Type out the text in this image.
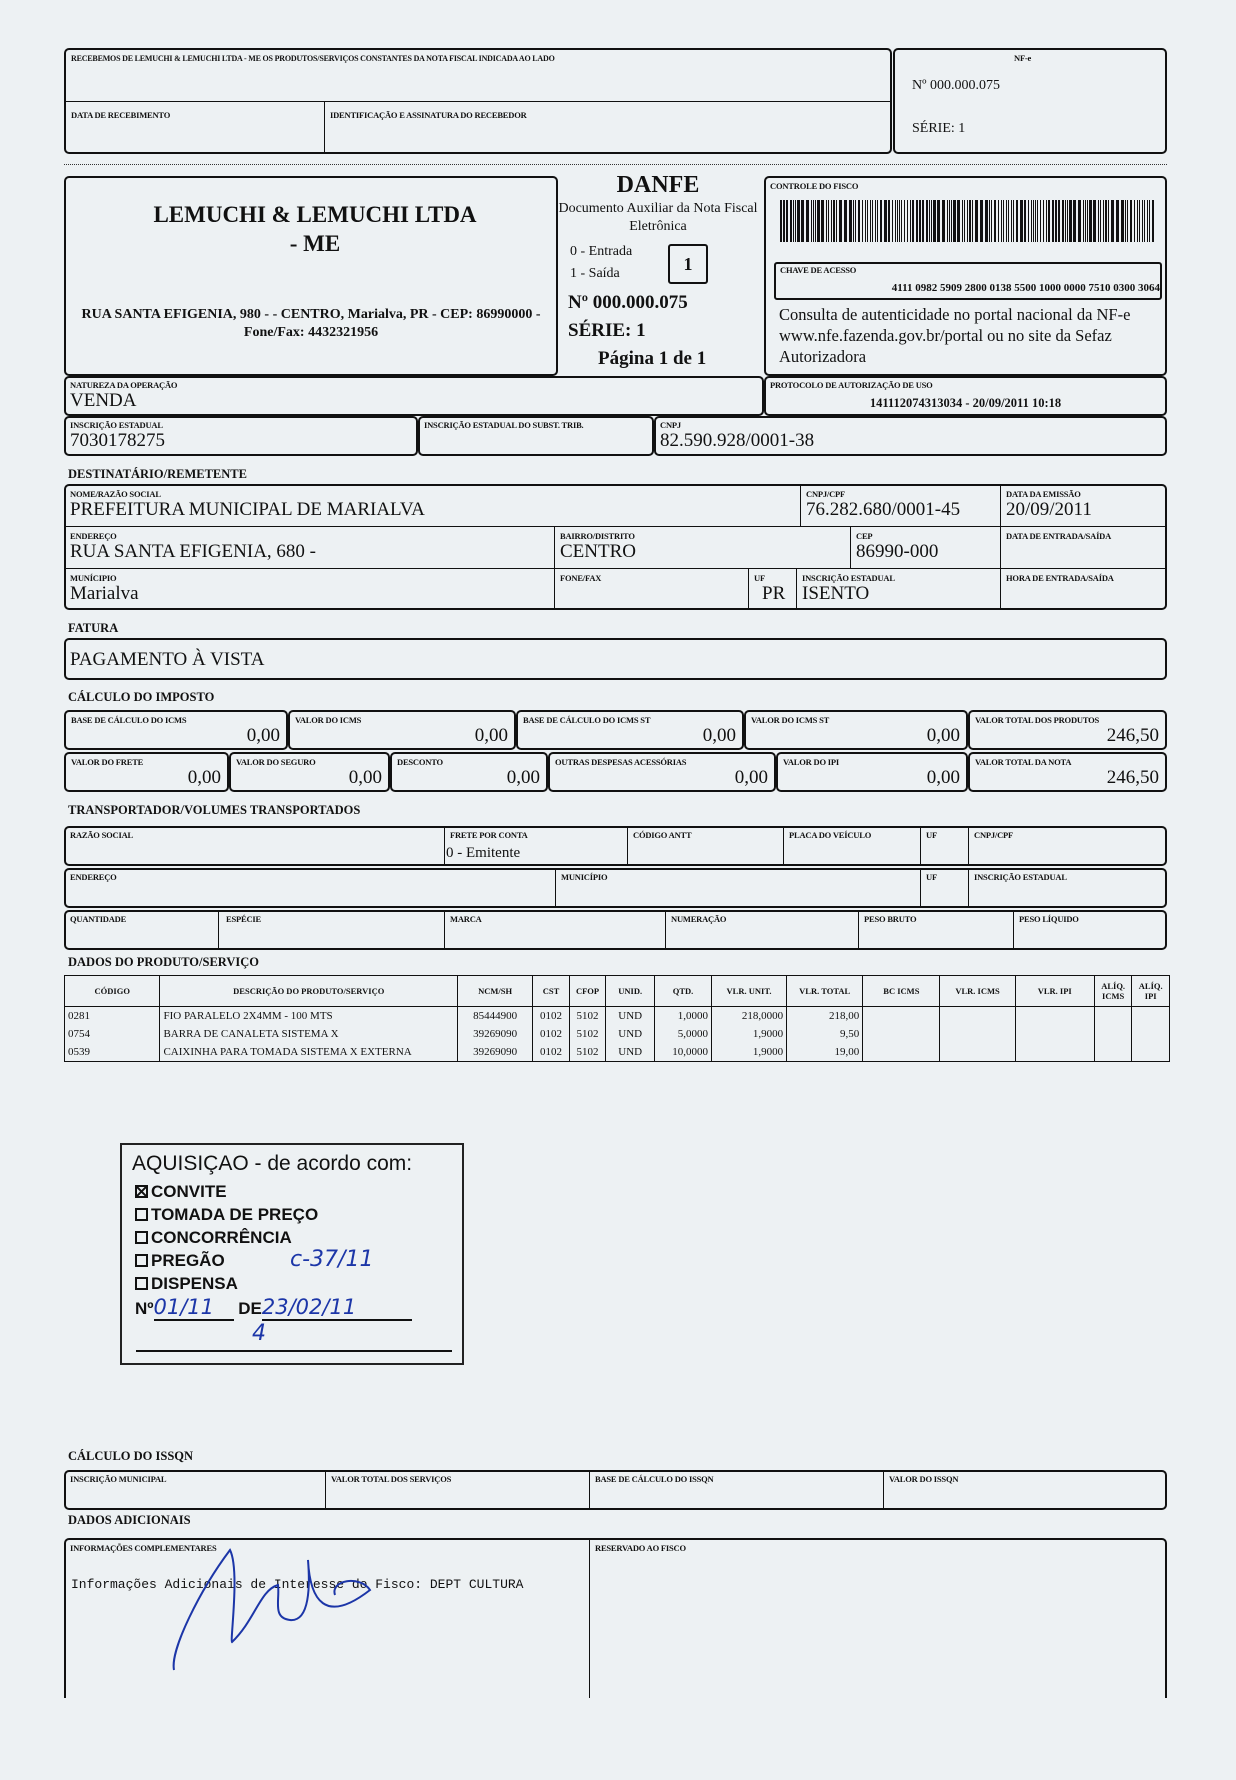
RECEBEMOS DE LEMUCHI & LEMUCHI LTDA - ME OS PRODUTOS/SERVIÇOS CONSTANTES DA NOTA FISCAL INDICADA AO LADO
DATA DE RECEBIMENTO	IDENTIFICAÇÃO E ASSINATURA DO RECEBEDOR
NF-e
Nº 000.000.075
SÉRIE: 1
LEMUCHI & LEMUCHI LTDA - ME
RUA SANTA EFIGENIA, 980 - - CENTRO, Marialva, PR - CEP: 86990000 - Fone/Fax: 4432321956
DANFE
Documento Auxiliar da Nota Fiscal Eletrônica
0 - Entrada
1 - Saída	1
Nº 000.000.075
SÉRIE: 1
Página 1 de 1
CONTROLE DO FISCO
CHAVE DE ACESSO
4111 0982 5909 2800 0138 5500 1000 0000 7510 0300 3064
Consulta de autenticidade no portal nacional da NF-e www.nfe.fazenda.gov.br/portal ou no site da Sefaz Autorizadora
PROTOCOLO DE AUTORIZAÇÃO DE USO
141112074313034 - 20/09/2011 10:18
NATUREZA DA OPERAÇÃO
VENDA
INSCRIÇÃO ESTADUAL
7030178275
INSCRIÇÃO ESTADUAL DO SUBST. TRIB.	CNPJ
82.590.928/0001-38
DESTINATÁRIO/REMETENTE
NOME/RAZÃO SOCIAL
PREFEITURA MUNICIPAL DE MARIALVA
CNPJ/CPF
76.282.680/0001-45
DATA DA EMISSÃO
20/09/2011
ENDEREÇO
RUA SANTA EFIGENIA, 680 -
BAIRRO/DISTRITO
CENTRO
CEP
86990-000
DATA DE ENTRADA/SAÍDA
MUNÍCIPIO
Marialva
FONE/FAX	UF
PR
INSCRIÇÃO ESTADUAL
ISENTO
HORA DE ENTRADA/SAÍDA
FATURA
PAGAMENTO À VISTA
CÁLCULO DO IMPOSTO
BASE DE CÁLCULO DO ICMS
0,00
VALOR DO ICMS
0,00
BASE DE CÁLCULO DO ICMS ST
0,00
VALOR DO ICMS ST
0,00
VALOR TOTAL DOS PRODUTOS
246,50
VALOR DO FRETE
0,00
VALOR DO SEGURO
0,00
DESCONTO
0,00
OUTRAS DESPESAS ACESSÓRIAS
0,00
VALOR DO IPI
0,00
VALOR TOTAL DA NOTA
246,50
TRANSPORTADOR/VOLUMES TRANSPORTADOS
RAZÃO SOCIAL	FRETE POR CONTA
0 - Emitente
CÓDIGO ANTT	PLACA DO VEÍCULO	UF	CNPJ/CPF
ENDEREÇO	MUNICÍPIO	UF	INSCRIÇÃO ESTADUAL
QUANTIDADE	ESPÉCIE	MARCA	NUMERAÇÃO	PESO BRUTO	PESO LÍQUIDO
DADOS DO PRODUTO/SERVIÇO
CÓDIGO	DESCRIÇÃO DO PRODUTO/SERVIÇO	NCM/SH	CST	CFOP	UNID.	QTD.	VLR. UNIT.	VLR. TOTAL	BC ICMS	VLR. ICMS	VLR. IPI	ALÍQ. ICMS	ALÍQ. IPI
0281	FIO PARALELO 2X4MM - 100 MTS	85444900	0102	5102	UND	1,0000	218,0000	218,00					
0754	BARRA DE CANALETA SISTEMA X	39269090	0102	5102	UND	5,0000	1,9000	9,50					
0539	CAIXINHA PARA TOMADA SISTEMA X EXTERNA	39269090	0102	5102	UND	10,0000	1,9000	19,00					
AQUISIÇAO - de acordo com:
CONVITE
TOMADA DE PREÇO
CONCORRÊNCIA
PREGÃO
DISPENSA
c-37/11
Nº01/11 DE23/02/11
4
CÁLCULO DO ISSQN
INSCRIÇÃO MUNICIPAL	VALOR TOTAL DOS SERVIÇOS	BASE DE CÁLCULO DO ISSQN	VALOR DO ISSQN
DADOS ADICIONAIS
INFORMAÇÕES COMPLEMENTARES
Informações Adicionais de Interesse do Fisco: DEPT CULTURA
RESERVADO AO FISCO
